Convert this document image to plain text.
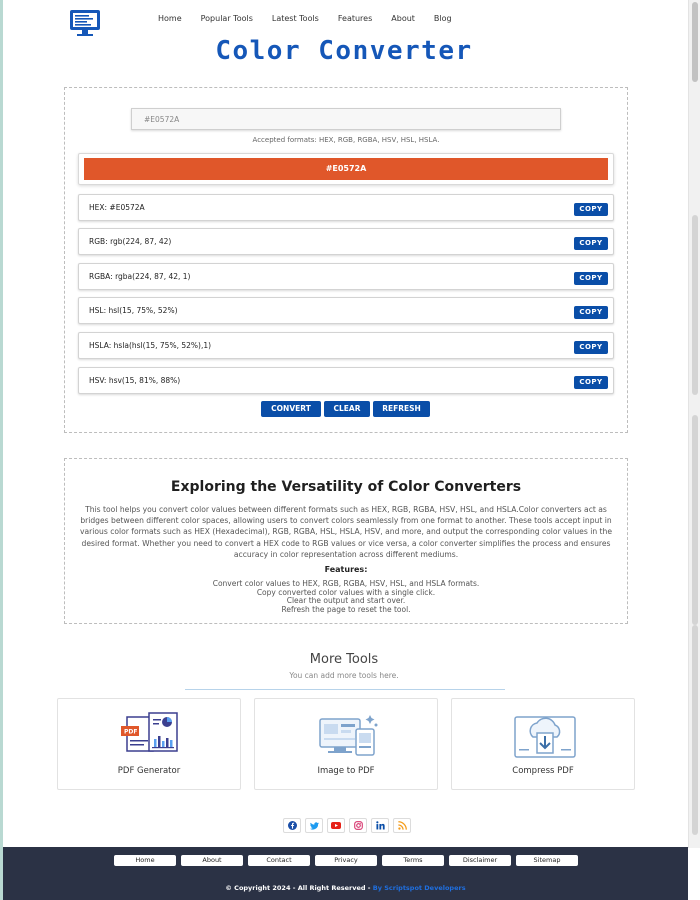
Home Popular Tools Latest Tools Features About Blog
Color Converter
#E0572A
Accepted formats: HEX, RGB, RGBA, HSV, HSL, HSLA.
#E0572A
HEX: #E0572A	COPY
RGB: rgb(224, 87, 42)	COPY
RGBA: rgba(224, 87, 42, 1)	COPY
HSL: hsl(15, 75%, 52%)	COPY
HSLA: hsla(hsl(15, 75%, 52%),1)	COPY
HSV: hsv(15, 81%, 88%)	COPY
CONVERT	CLEAR	REFRESH
Exploring the Versatility of Color Converters
This tool helps you convert color values between different formats such as HEX, RGB, RGBA, HSV, HSL, and HSLA.Color converters act as bridges between different color spaces, allowing users to convert colors seamlessly from one format to another. These tools accept input in various color formats such as HEX (Hexadecimal), RGB, RGBA, HSL, HSLA, HSV, and more, and output the corresponding color values in the desired format. Whether you need to convert a HEX code to RGB values or vice versa, a color converter simplifies the process and ensures accuracy in color representation across different mediums.
Features:
Convert color values to HEX, RGB, RGBA, HSV, HSL, and HSLA formats.
Copy converted color values with a single click.
Clear the output and start over.
Refresh the page to reset the tool.
More Tools
You can add more tools here.
PDF
PDF Generator	Image to PDF	Compress PDF
Home	About	Contact	Privacy	Terms	Disclaimer	Sitemap
© Copyright 2024 - All Right Reserved - By Scriptspot Developers
